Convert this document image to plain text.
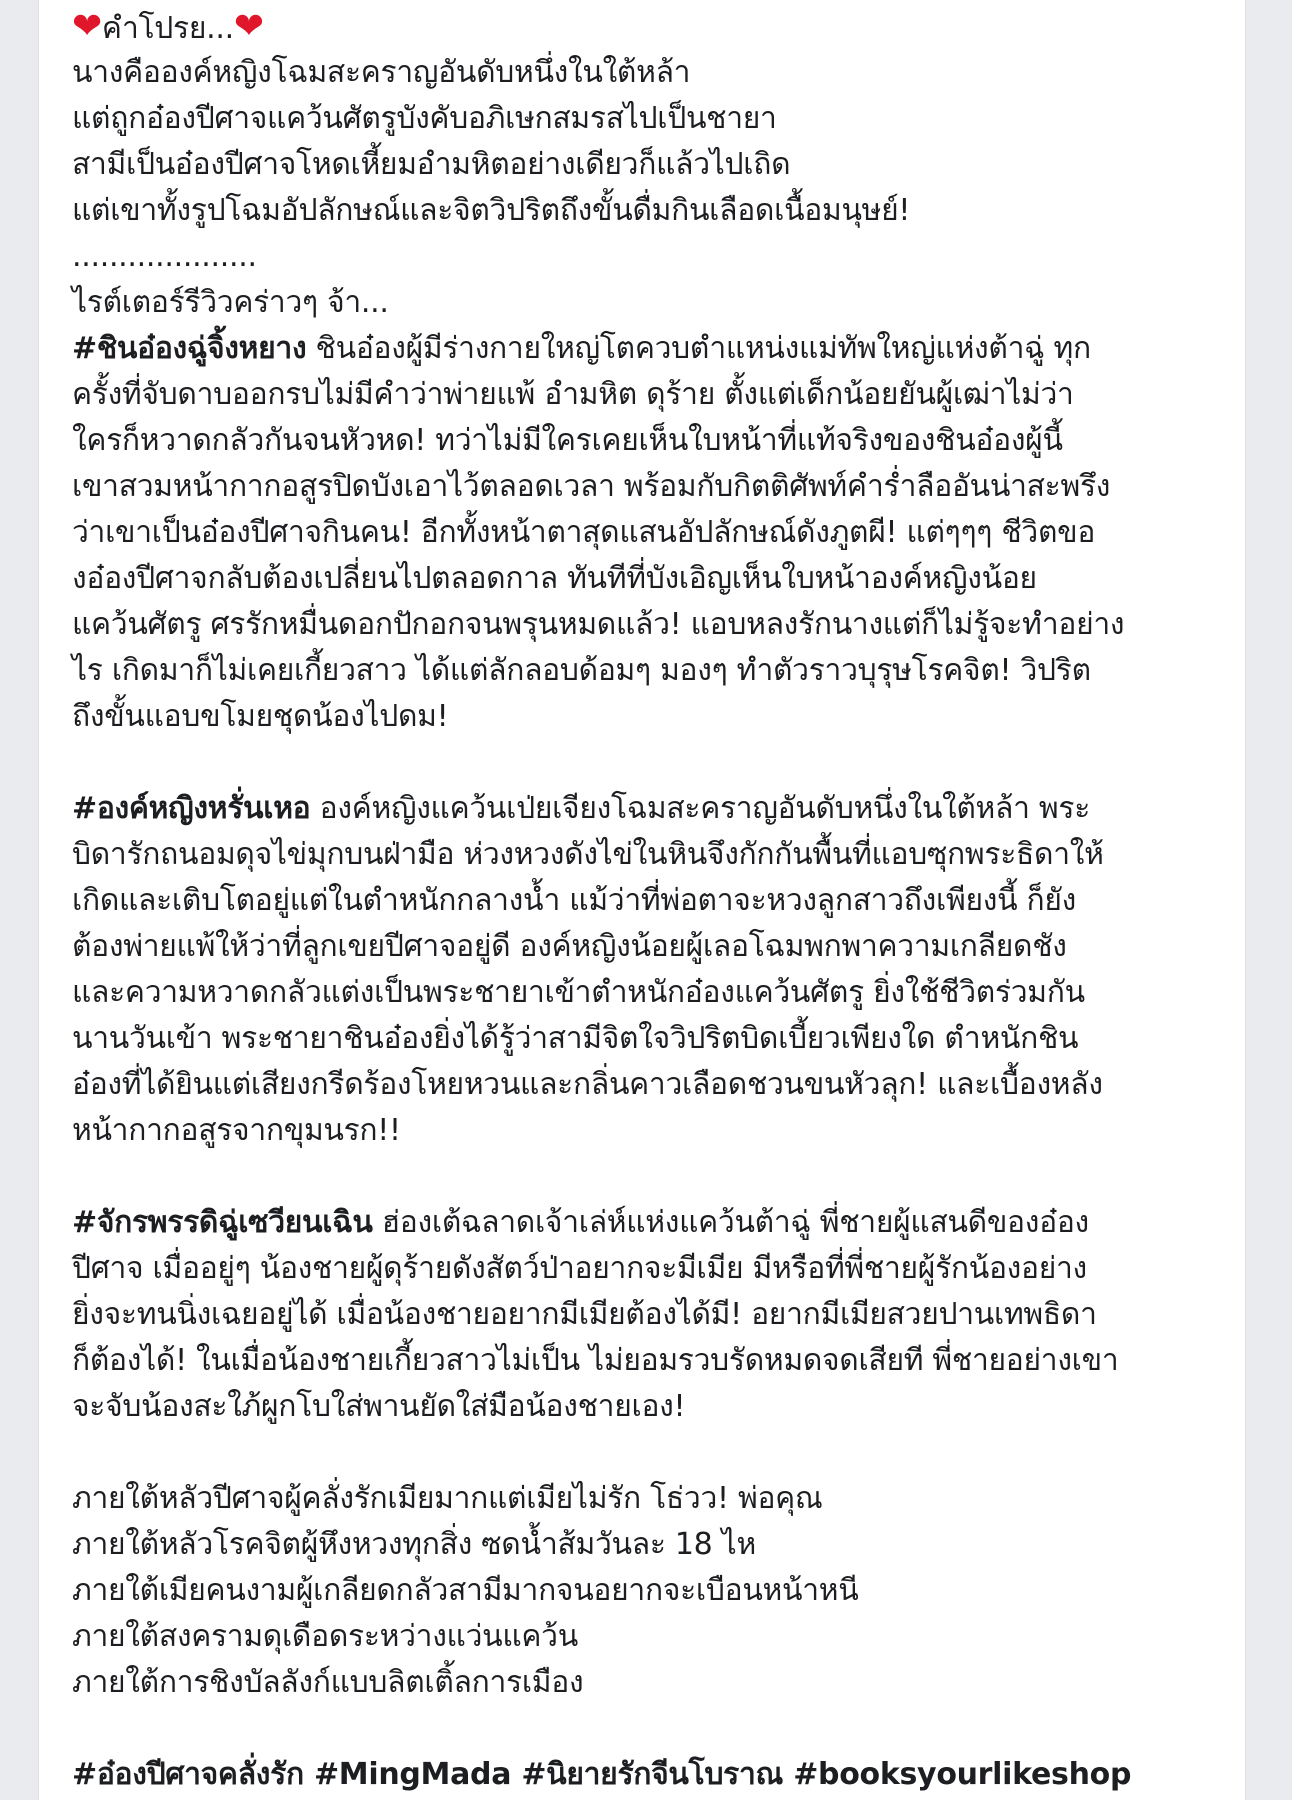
❤คำโปรย...❤
นางคือองค์หญิงโฉมสะคราญอันดับหนึ่งในใต้หล้า
แต่ถูกอ๋องปีศาจแคว้นศัตรูบังคับอภิเษกสมรสไปเป็นชายา
สามีเป็นอ๋องปีศาจโหดเหี้ยมอำมหิตอย่างเดียวก็แล้วไปเถิด
แต่เขาทั้งรูปโฉมอัปลักษณ์และจิตวิปริตถึงขั้นดื่มกินเลือดเนื้อมนุษย์!
....................
ไรต์เตอร์รีวิวคร่าวๆ จ้า...
#ชินอ๋องฉู่จิ้งหยาง ชินอ๋องผู้มีร่างกายใหญ่โตควบตำแหน่งแม่ทัพใหญ่แห่งต้าฉู่ ทุก
ครั้งที่จับดาบออกรบไม่มีคำว่าพ่ายแพ้ อำมหิต ดุร้าย ตั้งแต่เด็กน้อยยันผู้เฒ่าไม่ว่า
ใครก็หวาดกลัวกันจนหัวหด! ทว่าไม่มีใครเคยเห็นใบหน้าที่แท้จริงของชินอ๋องผู้นี้
เขาสวมหน้ากากอสูรปิดบังเอาไว้ตลอดเวลา พร้อมกับกิตติศัพท์คำร่ำลืออันน่าสะพรึง
ว่าเขาเป็นอ๋องปีศาจกินคน! อีกทั้งหน้าตาสุดแสนอัปลักษณ์ดังภูตผี! แต่ๆๆๆ ชีวิตขอ
งอ๋องปีศาจกลับต้องเปลี่ยนไปตลอดกาล ทันทีที่บังเอิญเห็นใบหน้าองค์หญิงน้อย
แคว้นศัตรู ศรรักหมื่นดอกปักอกจนพรุนหมดแล้ว! แอบหลงรักนางแต่ก็ไม่รู้จะทำอย่าง
ไร เกิดมาก็ไม่เคยเกี้ยวสาว ได้แต่ลักลอบด้อมๆ มองๆ ทำตัวราวบุรุษโรคจิต! วิปริต
ถึงขั้นแอบขโมยชุดน้องไปดม!
#องค์หญิงหรั่นเหอ องค์หญิงแคว้นเป่ยเจียงโฉมสะคราญอันดับหนึ่งในใต้หล้า พระ
บิดารักถนอมดุจไข่มุกบนฝ่ามือ ห่วงหวงดังไข่ในหินจึงกักกันพื้นที่แอบซุกพระธิดาให้
เกิดและเติบโตอยู่แต่ในตำหนักกลางน้ำ แม้ว่าที่พ่อตาจะหวงลูกสาวถึงเพียงนี้ ก็ยัง
ต้องพ่ายแพ้ให้ว่าที่ลูกเขยปีศาจอยู่ดี องค์หญิงน้อยผู้เลอโฉมพกพาความเกลียดชัง
และความหวาดกลัวแต่งเป็นพระชายาเข้าตำหนักอ๋องแคว้นศัตรู ยิ่งใช้ชีวิตร่วมกัน
นานวันเข้า พระชายาชินอ๋องยิ่งได้รู้ว่าสามีจิตใจวิปริตบิดเบี้ยวเพียงใด ตำหนักชิน
อ๋องที่ได้ยินแต่เสียงกรีดร้องโหยหวนและกลิ่นคาวเลือดชวนขนหัวลุก! และเบื้องหลัง
หน้ากากอสูรจากขุมนรก!!
#จักรพรรดิฉู่เซวียนเฉิน ฮ่องเต้ฉลาดเจ้าเล่ห์แห่งแคว้นต้าฉู่ พี่ชายผู้แสนดีของอ๋อง
ปีศาจ เมื่ออยู่ๆ น้องชายผู้ดุร้ายดังสัตว์ป่าอยากจะมีเมีย มีหรือที่พี่ชายผู้รักน้องอย่าง
ยิ่งจะทนนิ่งเฉยอยู่ได้ เมื่อน้องชายอยากมีเมียต้องได้มี! อยากมีเมียสวยปานเทพธิดา
ก็ต้องได้! ในเมื่อน้องชายเกี้ยวสาวไม่เป็น ไม่ยอมรวบรัดหมดจดเสียที พี่ชายอย่างเขา
จะจับน้องสะใภ้ผูกโบใส่พานยัดใส่มือน้องชายเอง!
ภายใต้หลัวปีศาจผู้คลั่งรักเมียมากแต่เมียไม่รัก โธ่วว! พ่อคุณ
ภายใต้หลัวโรคจิตผู้หึงหวงทุกสิ่ง ซดน้ำส้มวันละ 18 ไห
ภายใต้เมียคนงามผู้เกลียดกลัวสามีมากจนอยากจะเบือนหน้าหนี
ภายใต้สงครามดุเดือดระหว่างแว่นแคว้น
ภายใต้การชิงบัลลังก์แบบลิตเติ้ลการเมือง
#อ๋องปีศาจคลั่งรัก #MingMada #นิยายรักจีนโบราณ #booksyourlikeshop
